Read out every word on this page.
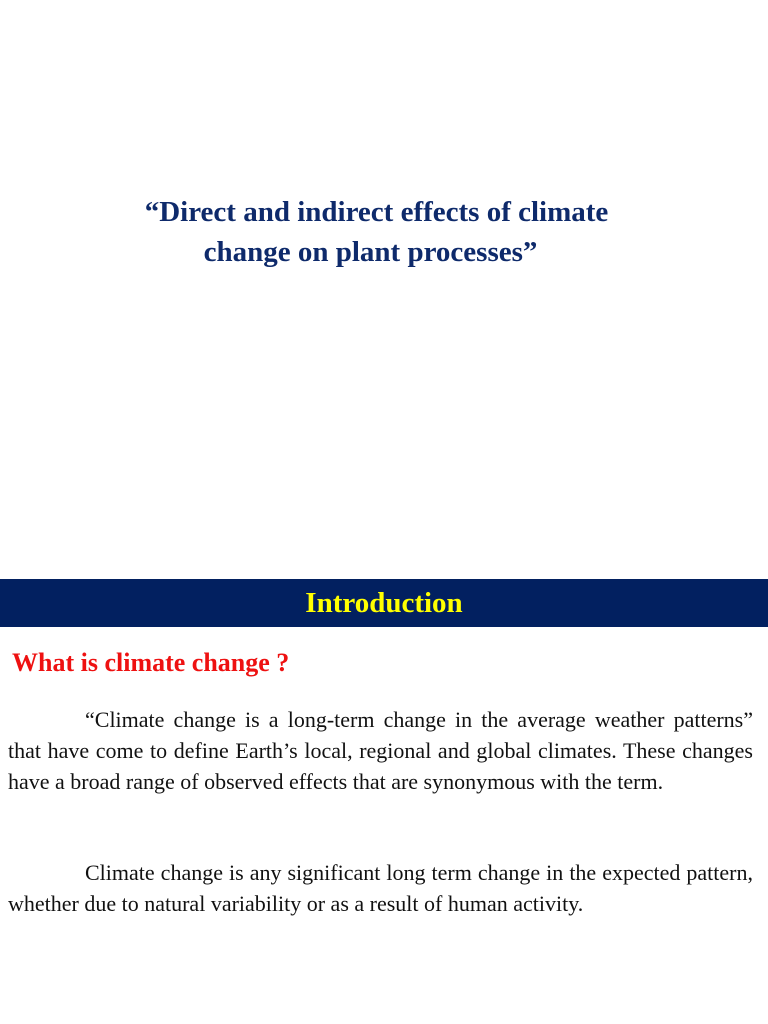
“Direct and indirect effects of climate
change on plant processes”
Introduction
What is climate change ?

“Climate change is a long-term change in the average weather patterns” that have come to define Earth’s local, regional and global climates. These changes have a broad range of observed effects that are synonymous with the term.

Climate change is any significant long term change in the expected pattern, whether due to natural variability or as a result of human activity.
